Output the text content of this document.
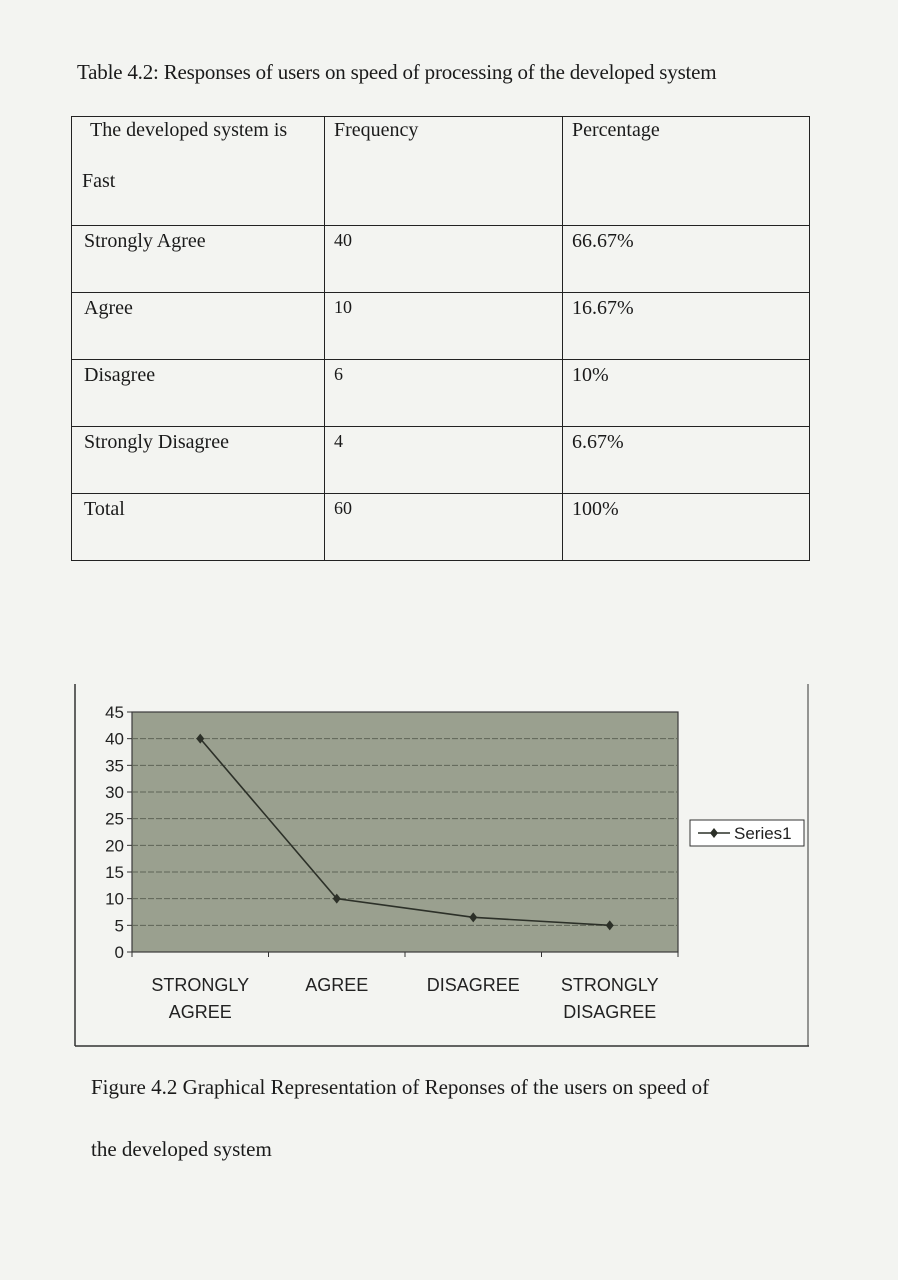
Table 4.2: Responses of users on speed of processing of the developed system
The developed system is
Fast	Frequency	Percentage

Strongly Agree	40	66.67%

Agree	10	16.67%

Disagree	6	10%

Strongly Disagree	4	6.67%

Total	60	100%
0
5
10
15
20
25
30
35
40
45
STRONGLY
AGREE
AGREE	DISAGREE STRONGLY
DISAGREE
Series1
Figure 4.2 Graphical Representation of Reponses of the users on speed of
the developed system
